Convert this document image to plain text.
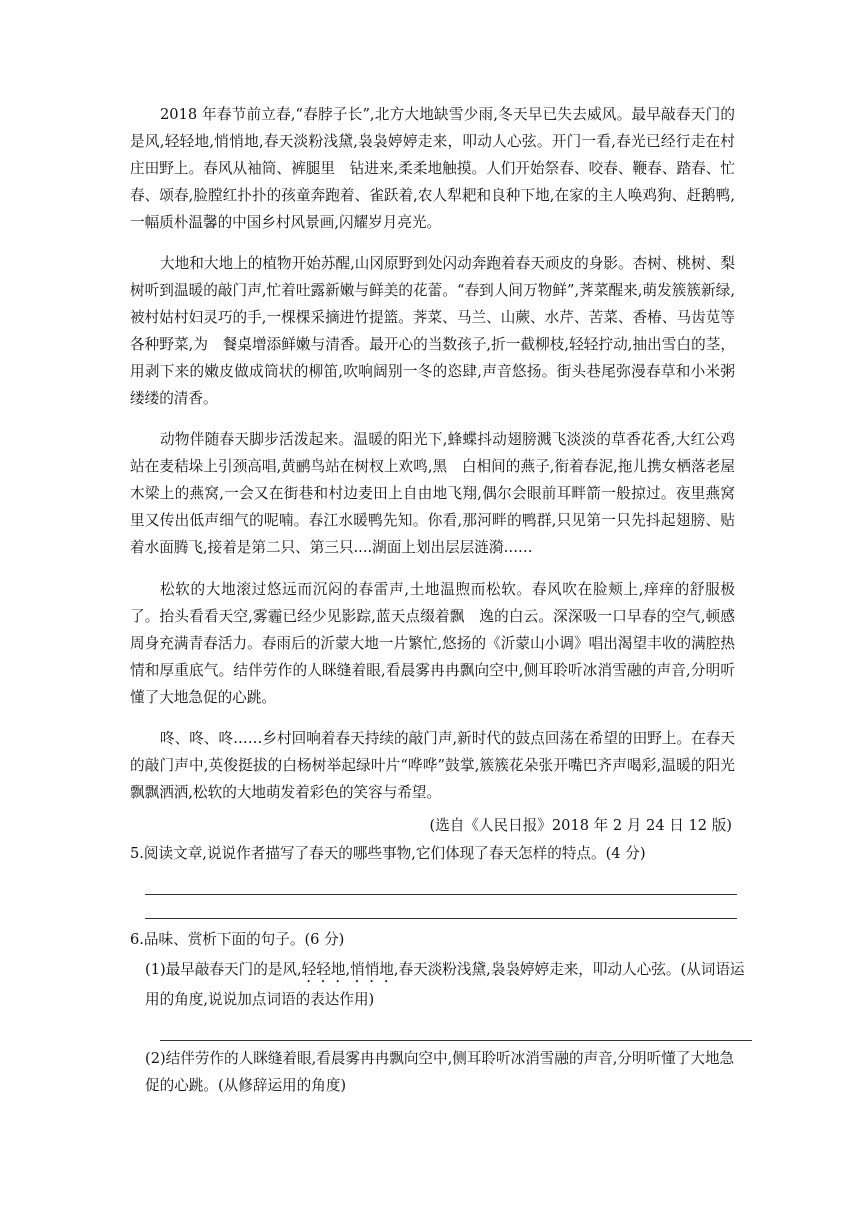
2018 年春节前立春,“春脖子长”,北方大地缺雪少雨,冬天早已失去威风。最早敲春天门的是风,轻轻地,悄悄地,春天淡粉浅黛,袅袅婷婷走来，叩动人心弦。开门一看,春光已经行走在村庄田野上。春风从袖筒、裤腿里　钻进来,柔柔地触摸。人们开始祭春、咬春、鞭春、踏春、忙春、颂春,脸膛红扑扑的孩童奔跑着、雀跃着,农人犁耙和良种下地,在家的主人唤鸡狗、赶鹅鸭,一幅质朴温馨的中国乡村风景画,闪耀岁月亮光。

大地和大地上的植物开始苏醒,山冈原野到处闪动奔跑着春天顽皮的身影。杏树、桃树、梨树听到温暖的敲门声,忙着吐露新嫩与鲜美的花蕾。“春到人间万物鲜”,荠菜醒来,萌发簇簇新绿,被村姑村妇灵巧的手,一棵棵采摘进竹提篮。荠菜、马兰、山蕨、水芹、苦菜、香椿、马齿苋等各种野菜,为　餐桌增添鲜嫩与清香。最开心的当数孩子,折一截柳枝,轻轻拧动,抽出雪白的茎，用剥下来的嫩皮做成筒状的柳笛,吹响阔别一冬的恣肆,声音悠扬。街头巷尾弥漫春草和小米粥缕缕的清香。

动物伴随春天脚步活泼起来。温暖的阳光下,蜂蝶抖动翅膀溅飞淡淡的草香花香,大红公鸡站在麦秸垛上引颈高唱,黄鹂鸟站在树杈上欢鸣,黑　白相间的燕子,衔着春泥,拖儿携女栖落老屋木梁上的燕窝,一会又在街巷和村边麦田上自由地飞翔,偶尔会眼前耳畔箭一般掠过。夜里燕窝里又传出低声细气的呢喃。春江水暖鸭先知。你看,那河畔的鸭群,只见第一只先抖起翅膀、贴着水面腾飞,接着是第二只、第三只....湖面上划出层层涟漪……

松软的大地滚过悠远而沉闷的春雷声,土地温煦而松软。春风吹在脸颊上,痒痒的舒服极了。抬头看看天空,雾霾已经少见影踪,蓝天点缀着飘　逸的白云。深深吸一口早春的空气,顿感周身充满青春活力。春雨后的沂蒙大地一片繁忙,悠扬的《沂蒙山小调》唱出渴望丰收的满腔热情和厚重底气。结伴劳作的人眯缝着眼,看晨雾冉冉飘向空中,侧耳聆听冰消雪融的声音,分明听懂了大地急促的心跳。

咚、咚、咚……乡村回响着春天持续的敲门声,新时代的鼓点回荡在希望的田野上。在春天的敲门声中,英俊挺拔的白杨树举起绿叶片“哗哗”鼓掌,簇簇花朵张开嘴巴齐声喝彩,温暖的阳光飘飘洒洒,松软的大地萌发着彩色的笑容与希望。

(选自《人民日报》2018 年 2 月 24 日 12 版)

5.阅读文章,说说作者描写了春天的哪些事物,它们体现了春天怎样的特点。(4 分)

6.品味、赏析下面的句子。(6 分)

(1)最早敲春天门的是风,轻轻地,悄悄地,春天淡粉浅黛,袅袅婷婷走来，叩动人心弦。(从词语运用的角度,说说加点词语的表达作用)

(2)结伴劳作的人眯缝着眼,看晨雾冉冉飘向空中,侧耳聆听冰消雪融的声音,分明听懂了大地急促的心跳。(从修辞运用的角度)
